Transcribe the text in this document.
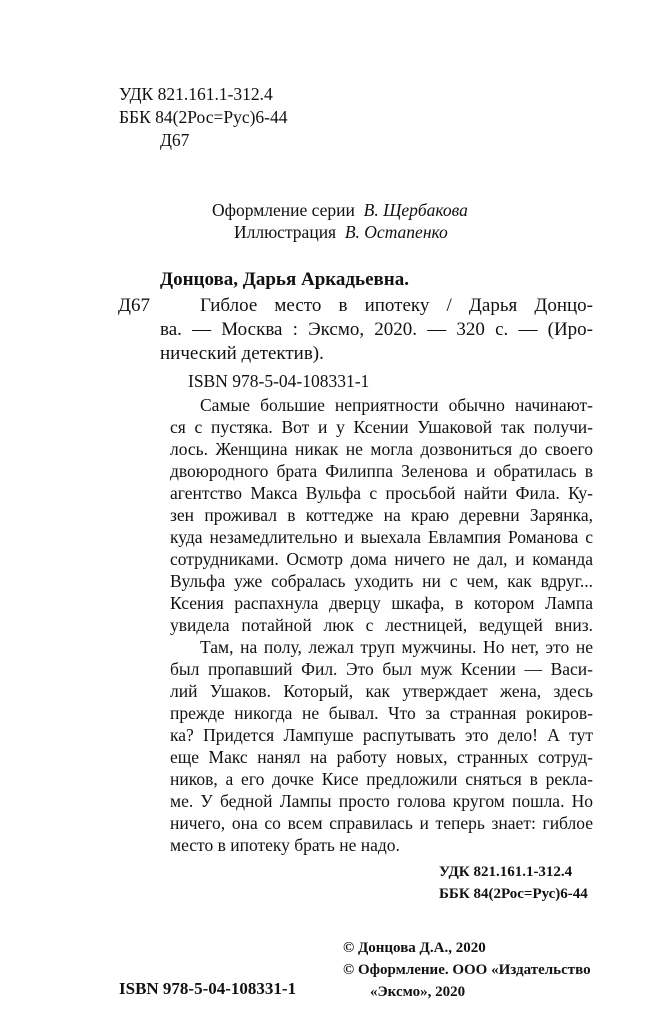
УДК 821.161.1-312.4
ББК 84(2Рос=Рус)6-44
Д67
Оформление серии В. Щербакова
Иллюстрация В. Остапенко
Донцова, Дарья Аркадьевна.
Д67	Гиблое место в ипотеку / Дарья Донцо-
ва. — Москва : Эксмо, 2020. — 320 с. — (Иро-
нический детектив).
ISBN 978-5-04-108331-1
Самые большие неприятности обычно начинают-
ся с пустяка. Вот и у Ксении Ушаковой так получи-
лось. Женщина никак не могла дозвониться до своего
двоюродного брата Филиппа Зеленова и обратилась в
агентство Макса Вульфа с просьбой найти Фила. Ку-
зен проживал в коттедже на краю деревни Зарянка,
куда незамедлительно и выехала Евлампия Романова с
сотрудниками. Осмотр дома ничего не дал, и команда
Вульфа уже собралась уходить ни с чем, как вдруг...
Ксения распахнула дверцу шкафа, в котором Лампа
увидела потайной люк с лестницей, ведущей вниз.
Там, на полу, лежал труп мужчины. Но нет, это не
был пропавший Фил. Это был муж Ксении — Васи-
лий Ушаков. Который, как утверждает жена, здесь
прежде никогда не бывал. Что за странная рокиров-
ка? Придется Лампуше распутывать это дело! А тут
еще Макс нанял на работу новых, странных сотруд-
ников, а его дочке Кисе предложили сняться в рекла-
ме. У бедной Лампы просто голова кругом пошла. Но
ничего, она со всем справилась и теперь знает: гиблое
место в ипотеку брать не надо.
УДК 821.161.1-312.4
ББК 84(2Рос=Рус)6-44
© Донцова Д.А., 2020
© Оформление. ООО «Издательство
«Эксмо», 2020
ISBN 978-5-04-108331-1
